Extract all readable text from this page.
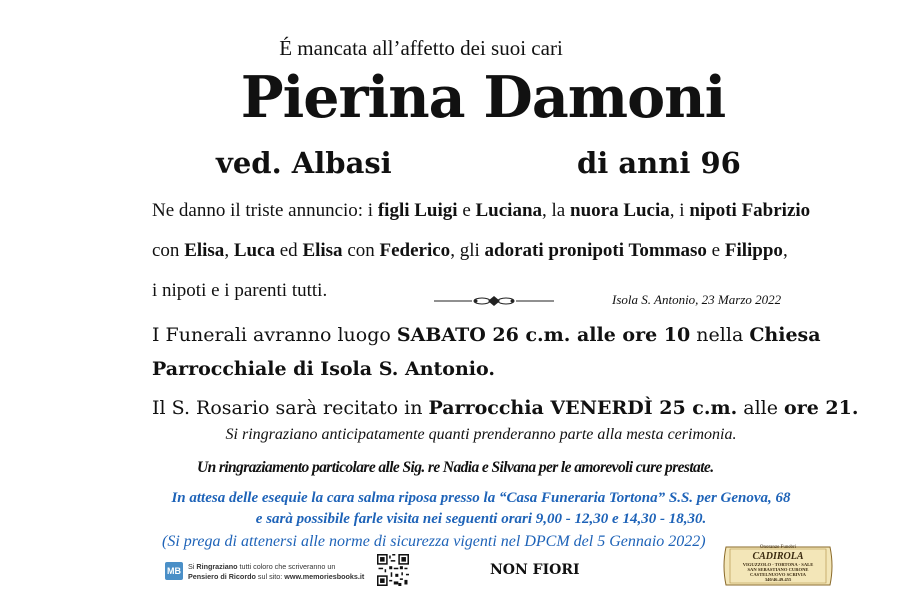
É mancata all’affetto dei suoi cari
Pierina Damoni
ved. Albasi	di anni 96
Ne danno il triste annuncio: i figli Luigi e Luciana, la nuora Lucia, i nipoti Fabrizio
con Elisa, Luca ed Elisa con Federico, gli adorati pronipoti Tommaso e Filippo,
i nipoti e i parenti tutti.	Isola S. Antonio, 23 Marzo 2022
I Funerali avranno luogo SABATO 26 c.m. alle ore 10 nella Chiesa
Parrocchiale di Isola S. Antonio.
Il S. Rosario sarà recitato in Parrocchia VENERDÌ 25 c.m. alle ore 21.
Si ringraziano anticipatamente quanti prenderanno parte alla mesta cerimonia.
Un ringraziamento particolare alle Sig. re Nadia e Silvana per le amorevoli cure prestate.
In attesa delle esequie la cara salma riposa presso la “Casa Funeraria Tortona” S.S. per Genova, 68
e sarà possibile farle visita nei seguenti orari 9,00 - 12,30 e 14,30 - 18,30.
(Si prega di attenersi alle norme di sicurezza vigenti nel DPCM del 5 Gennaio 2022)
MB Si Ringraziano tutti coloro che scriveranno un
Pensiero di Ricordo sul sito: www.memoriesbooks.it	NON FIORI
Onoranze Funebri
CADIROLA
VIGUZZOLO - TORTONA - SALE
SAN SEBASTIANO CURONE
CASTELNUOVO SCRIVIA
340/46.49.455
